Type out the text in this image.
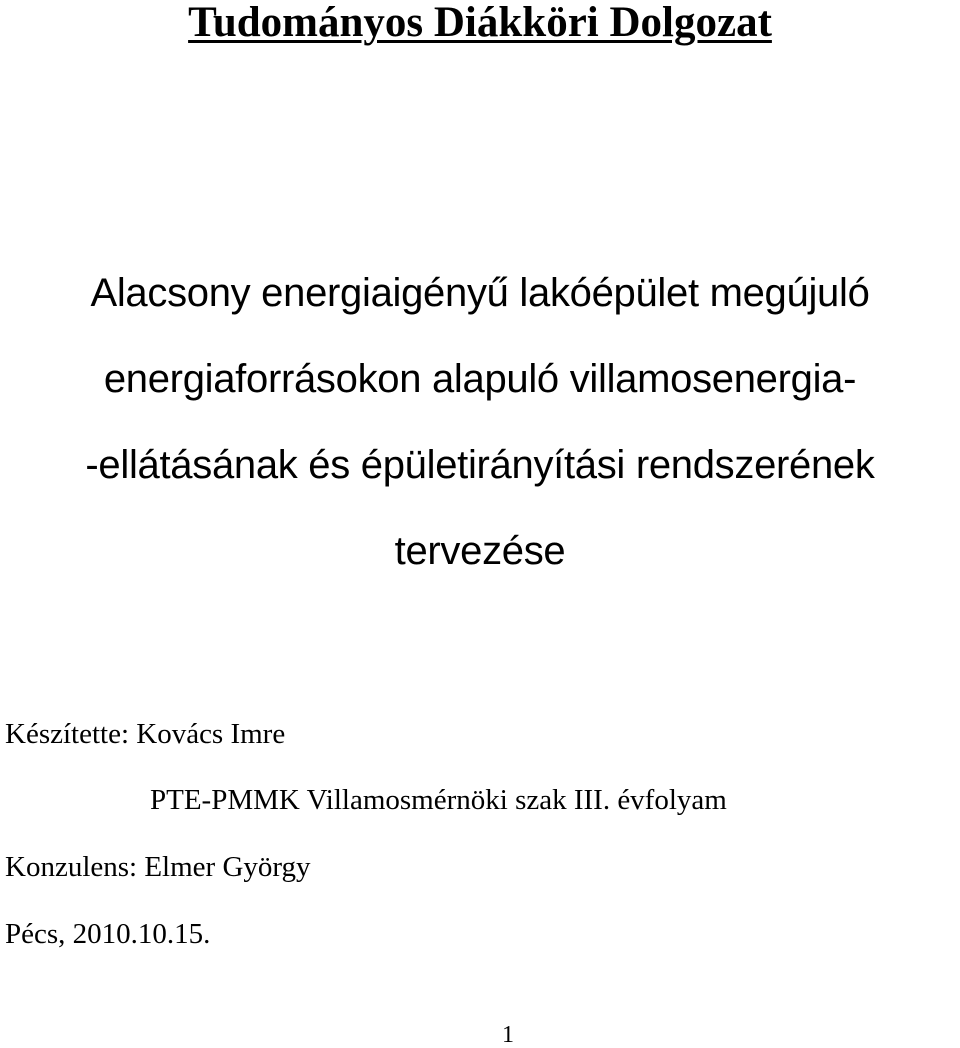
Tudományos Diákköri Dolgozat
Alacsony energiaigényű lakóépület megújuló
energiaforrásokon alapuló villamosenergia-
-ellátásának és épületirányítási rendszerének
tervezése

Készítette: Kovács Imre

PTE-PMMK Villamosmérnöki szak III. évfolyam

Konzulens: Elmer György

Pécs, 2010.10.15.

1
